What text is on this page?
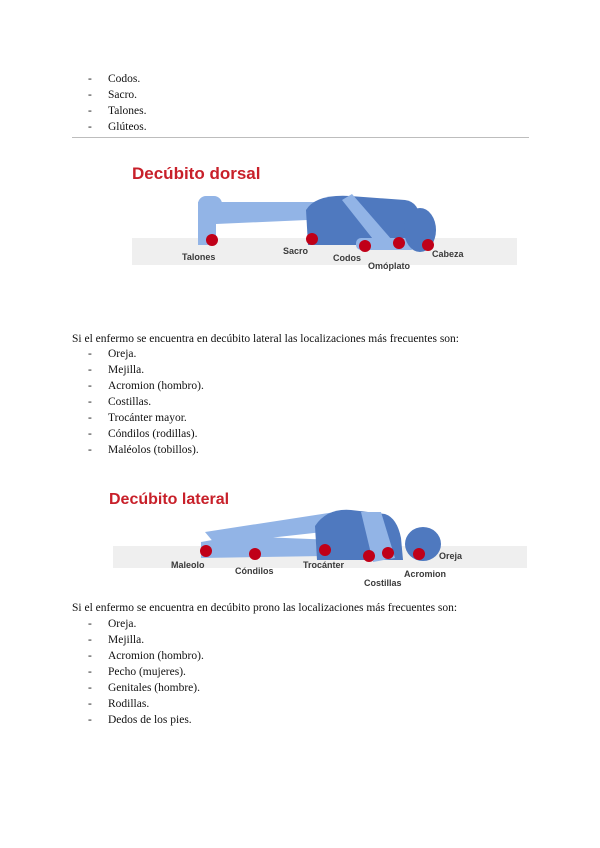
- Codos.
- Sacro.
- Talones.
- Glúteos.
Decúbito dorsal
Talones
Sacro
Codos
Omóplato
Cabeza
Si el enfermo se encuentra en decúbito lateral las localizaciones más frecuentes son:
- Oreja.
- Mejilla.
- Acromion (hombro).
- Costillas.
- Trocánter mayor.
- Cóndilos (rodillas).
- Maléolos (tobillos).
Decúbito lateral
Maleolo
Cóndilos
Trocánter
Costillas
Acromion
Oreja
Si el enfermo se encuentra en decúbito prono las localizaciones más frecuentes son:
- Oreja.
- Mejilla.
- Acromion (hombro).
- Pecho (mujeres).
- Genitales (hombre).
- Rodillas.
- Dedos de los pies.
